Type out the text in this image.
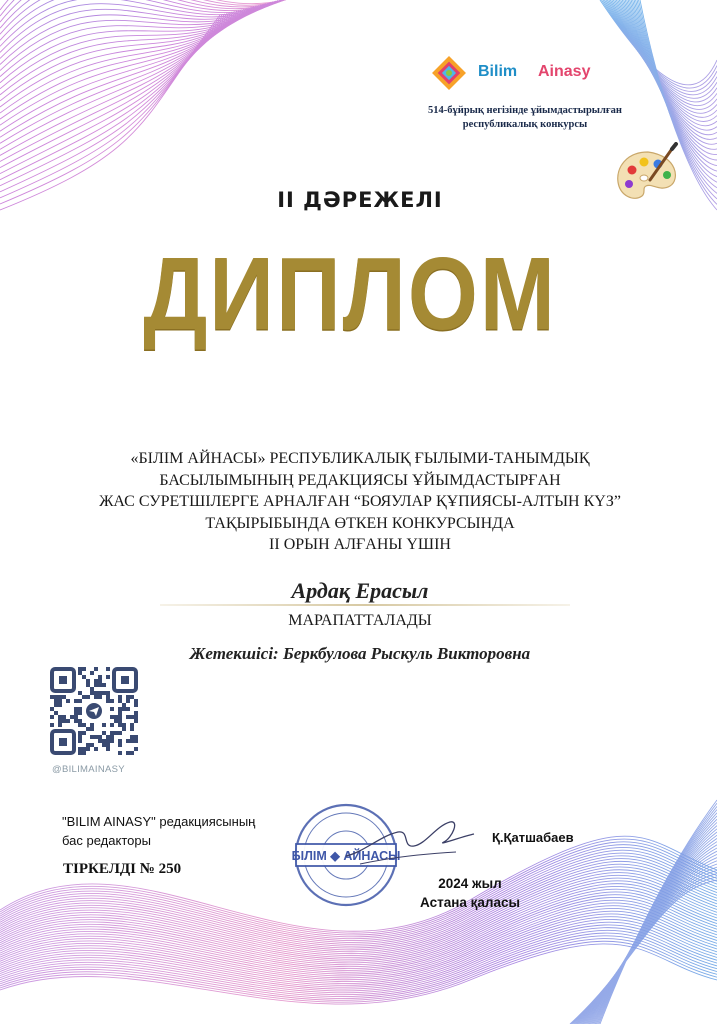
Bilim Ainasy
514-бұйрық негізінде ұйымдастырылған
республикалық конкурсы
II ДӘРЕЖЕЛІ
ДИПЛОМ
«БІЛІМ АЙНАСЫ» РЕСПУБЛИКАЛЫҚ ҒЫЛЫМИ-ТАНЫМДЫҚ
БАСЫЛЫМЫНЫҢ РЕДАКЦИЯСЫ ҰЙЫМДАСТЫРҒАН
ЖАС СУРЕТШІЛЕРГЕ АРНАЛҒАН “БОЯУЛАР ҚҰПИЯСЫ-АЛТЫН КҮЗ”
ТАҚЫРЫБЫНДА ӨТКЕН КОНКУРСЫНДА
II ОРЫН АЛҒАНЫ ҮШІН
Ардақ Ерасыл
МАРАПАТТАЛАДЫ
Жетекшісі: Беркбулова Рыскуль Викторовна
@BILIMAINASY
"BILIM AINASY" редакциясының
бас редакторы
ТІРКЕЛДІ № 250
БІЛІМ ◆ АЙНАСЫ
Қ.Қатшабаев
2024 жыл
Астана қаласы
